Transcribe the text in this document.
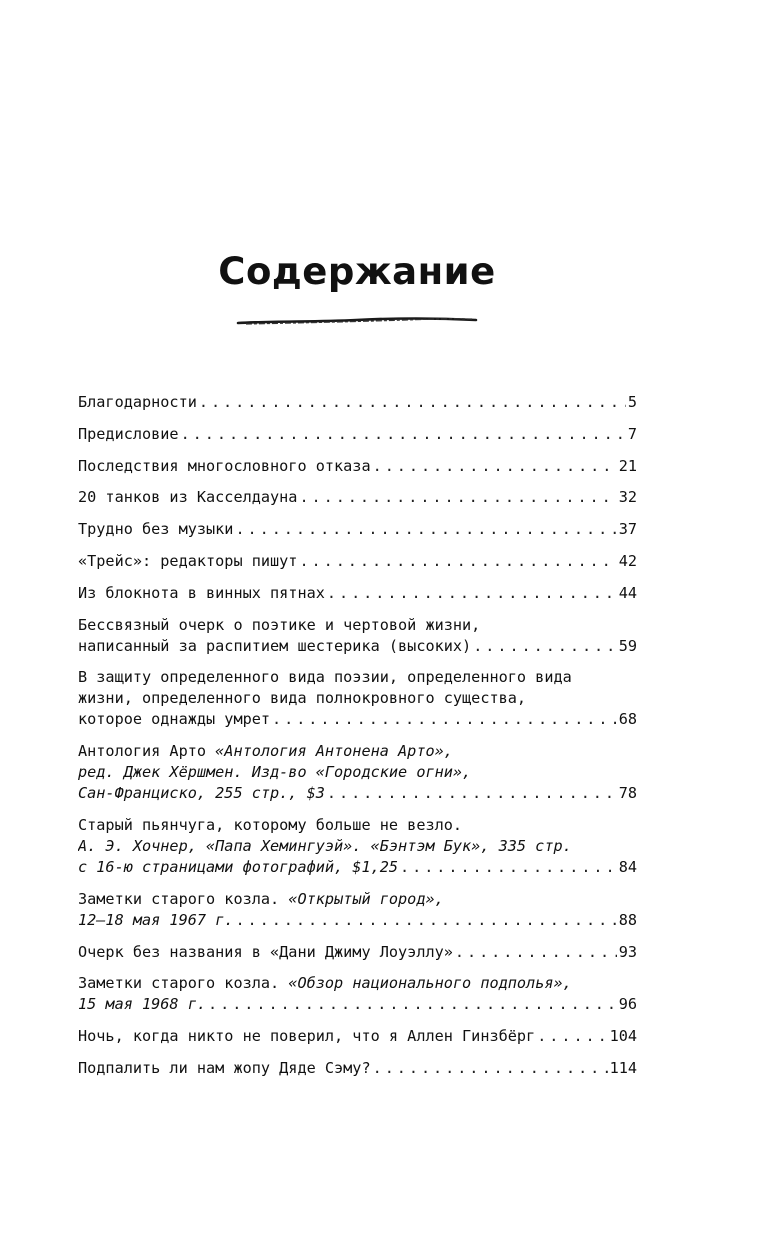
Содержание
Благодарности . . .	5
Предисловие . . .	7
Последствия многословного отказа . . .	21
20 танков из Касселдауна . . .	32
Трудно без музыки . . .	37
«Трейс»: редакторы пишут . . .	42
Из блокнота в винных пятнах . . .	44
Бессвязный очерк о поэтике и чертовой жизни,
написанный за распитием шестерика (высоких) . . .	59
В защиту определенного вида поэзии, определенного вида
жизни, определенного вида полнокровного существа,
которое однажды умрет . . .	68
Антология Арто «Антология Антонена Арто»,
ред. Джек Хёршмен. Изд-во «Городские огни»,
Сан-Франциско, 255 стр., $3 . . .	78
Старый пьянчуга, которому больше не везло.
А. Э. Хочнер, «Папа Хемингуэй». «Бэнтэм Бук», 335 стр.
с 16-ю страницами фотографий, $1,25 . . .	84
Заметки старого козла. «Открытый город»,
12–18 мая 1967 г. . . .	88
Очерк без названия в «Дани Джиму Лоуэллу» . . .	93
Заметки старого козла. «Обзор национального подполья»,
15 мая 1968 г. . . .	96
Ночь, когда никто не поверил, что я Аллен Гинзбёрг . . .	104
Подпалить ли нам жопу Дяде Сэму? . . .	114
